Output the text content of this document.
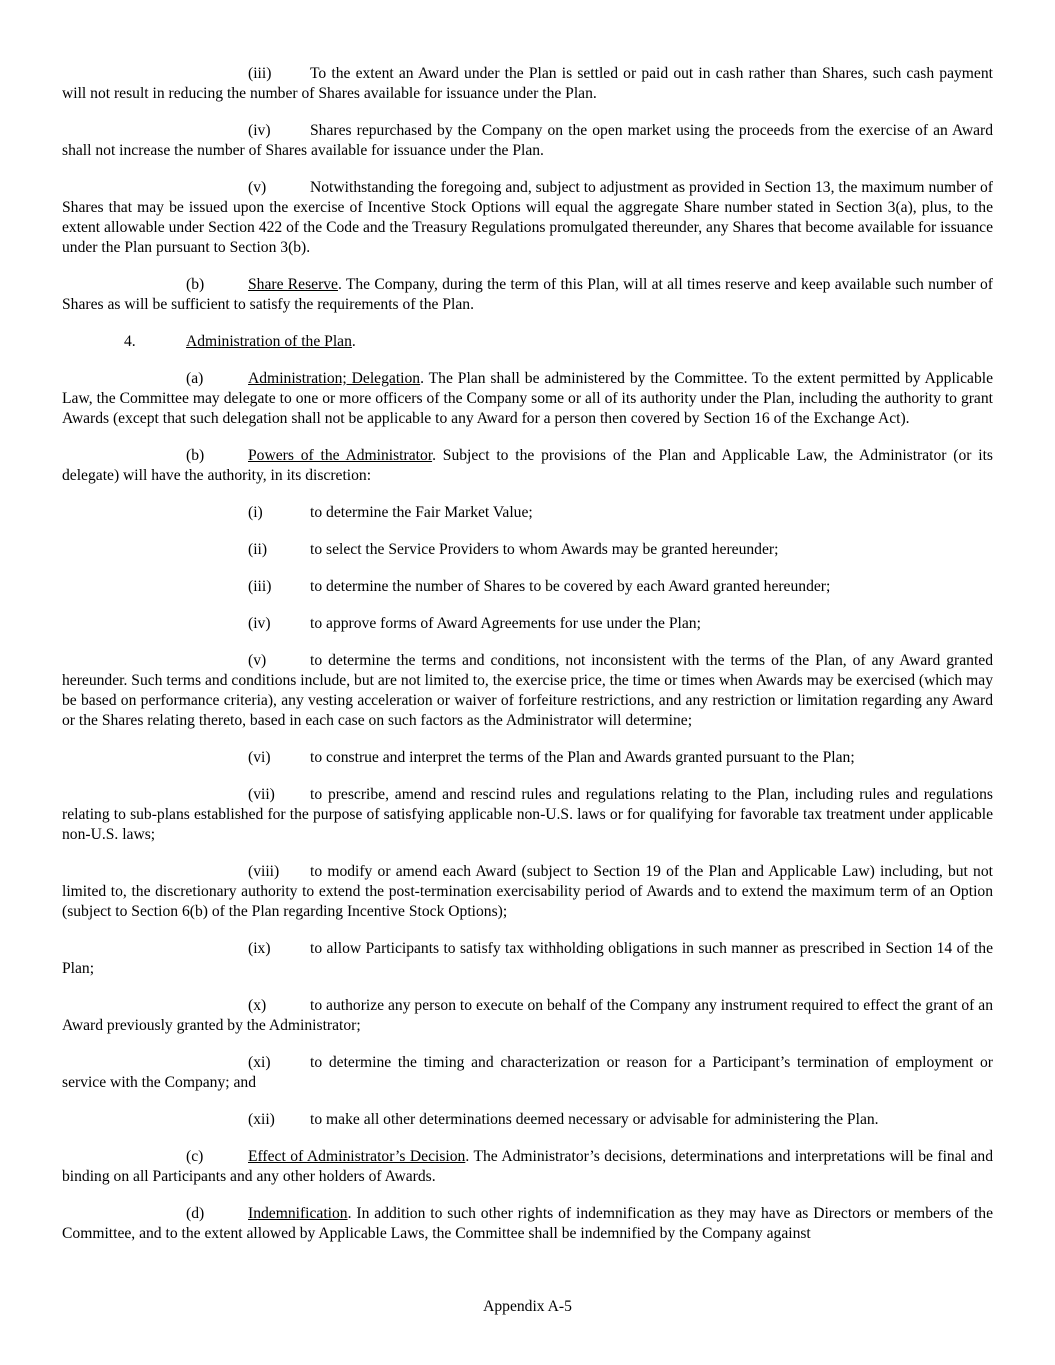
(iii) To the extent an Award under the Plan is settled or paid out in cash rather than Shares, such cash payment will not result in reducing the number of Shares available for issuance under the Plan.

(iv)	Shares repurchased by the Company on the open market using the proceeds from the exercise of an Award shall not increase the number of Shares available for issuance under the Plan.

(v)	Notwithstanding the foregoing and, subject to adjustment as provided in Section 13, the maximum number of Shares that may be issued upon the exercise of Incentive Stock Options will equal the aggregate Share number stated in Section 3(a), plus, to the extent allowable under Section 422 of the Code and the Treasury Regulations promulgated thereunder, any Shares that become available for issuance under the Plan pursuant to Section 3(b).

(b)	Share Reserve. The Company, during the term of this Plan, will at all times reserve and keep available such number of Shares as will be sufficient to satisfy the requirements of the Plan.

4.	Administration of the Plan.

(a)	Administration; Delegation. The Plan shall be administered by the Committee. To the extent permitted by Applicable Law, the Committee may delegate to one or more officers of the Company some or all of its authority under the Plan, including the authority to grant Awards (except that such delegation shall not be applicable to any Award for a person then covered by Section 16 of the Exchange Act).

(b)	Powers of the Administrator. Subject to the provisions of the Plan and Applicable Law, the Administrator (or its delegate) will have the authority, in its discretion:

(i)	to determine the Fair Market Value;

(ii)	to select the Service Providers to whom Awards may be granted hereunder;

(iii) to determine the number of Shares to be covered by each Award granted hereunder;

(iv)	to approve forms of Award Agreements for use under the Plan;

(v)	to determine the terms and conditions, not inconsistent with the terms of the Plan, of any Award granted hereunder. Such terms and conditions include, but are not limited to, the exercise price, the time or times when Awards may be exercised (which may be based on performance criteria), any vesting acceleration or waiver of forfeiture restrictions, and any restriction or limitation regarding any Award or the Shares relating thereto, based in each case on such factors as the Administrator will determine;

(vi)	to construe and interpret the terms of the Plan and Awards granted pursuant to the Plan;

(vii) to prescribe, amend and rescind rules and regulations relating to the Plan, including rules and regulations relating to sub-plans established for the purpose of satisfying applicable non-U.S. laws or for qualifying for favorable tax treatment under applicable non-U.S. laws;

(viii) to modify or amend each Award (subject to Section 19 of the Plan and Applicable Law) including, but not limited to, the discretionary authority to extend the post-termination exercisability period of Awards and to extend the maximum term of an Option (subject to Section 6(b) of the Plan regarding Incentive Stock Options);

(ix)	to allow Participants to satisfy tax withholding obligations in such manner as prescribed in Section 14 of the Plan;

(x)	to authorize any person to execute on behalf of the Company any instrument required to effect the grant of an Award previously granted by the Administrator;

(xi)	to determine the timing and characterization or reason for a Participant’s termination of employment or service with the Company; and

(xii) to make all other determinations deemed necessary or advisable for administering the Plan.

(c)	Effect of Administrator’s Decision. The Administrator’s decisions, determinations and interpretations will be final and binding on all Participants and any other holders of Awards.

(d)	Indemnification. In addition to such other rights of indemnification as they may have as Directors or members of the Committee, and to the extent allowed by Applicable Laws, the Committee shall be indemnified by the Company against

Appendix A-5
